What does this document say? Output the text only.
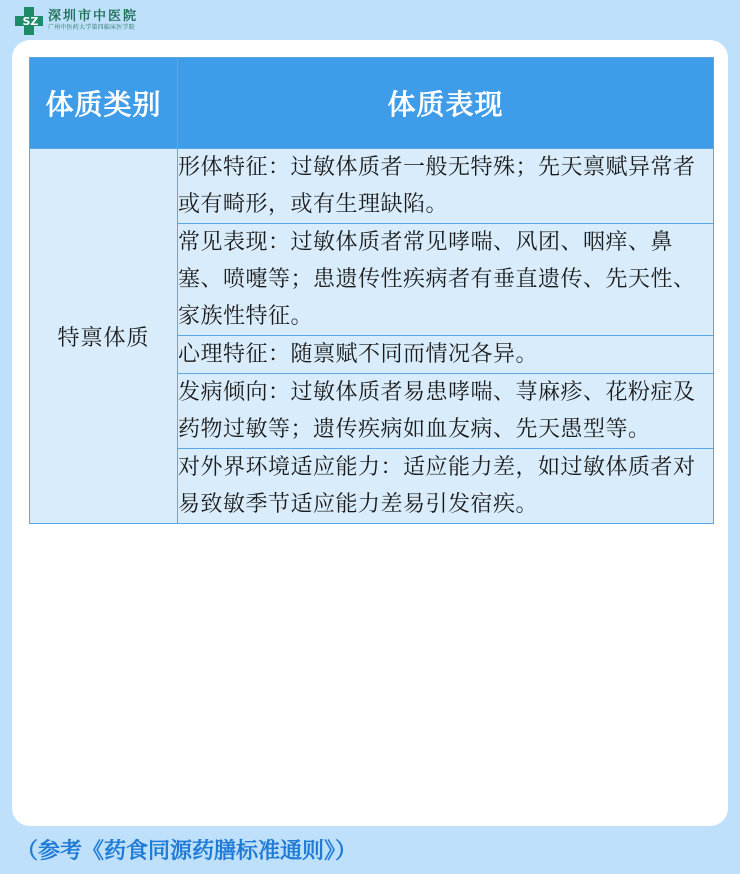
SZ 深圳市中医院
广州中医药大学第四临床医学院
体质类别	体质表现
特禀体质	形体特征：过敏体质者一般无特殊；先天禀赋异常者或有畸形，或有生理缺陷。
	常见表现：过敏体质者常见哮喘、风团、咽痒、鼻塞、喷嚏等；患遗传性疾病者有垂直遗传、先天性、家族性特征。
	心理特征：随禀赋不同而情况各异。
	发病倾向：过敏体质者易患哮喘、荨麻疹、花粉症及药物过敏等；遗传疾病如血友病、先天愚型等。
	对外界环境适应能力：适应能力差，如过敏体质者对易致敏季节适应能力差易引发宿疾。
（参考《药食同源药膳标准通则》）
